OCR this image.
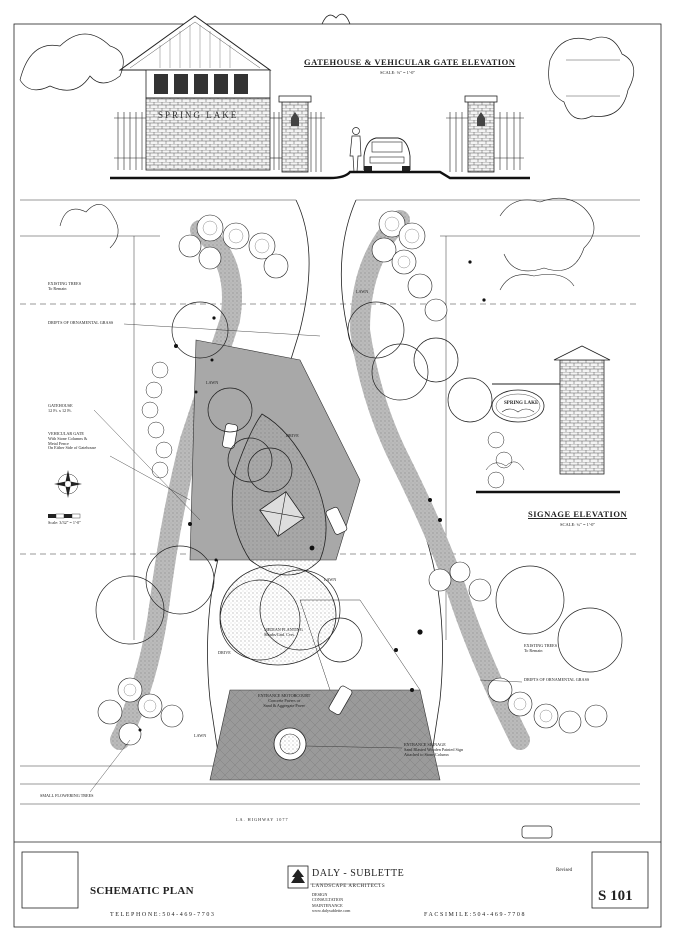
GATEHOUSE & VEHICULAR GATE ELEVATION
SCALE: ⅛" = 1'-0"
SPRING LAKE
SIGNAGE ELEVATION
SCALE: ¾" = 1'-0"
SPRING LAKE
EXISTING TREES
To Remain
DRIFTS OF ORNAMENTAL GRASS
GATEHOUSE
12 Ft. x 12 Ft.
VEHICULAR GATE
With Stone Columns &
Metal Fence
On Either Side of Gatehouse
Scale: 3/32" = 1'-0"
EXISTING TREES
To Remain
DRIFTS OF ORNAMENTAL GRASS
ENTRANCE SIGNAGE
Sand Blasted Wooden Painted Sign
Attached to Stone Column
SMALL FLOWERING TREES
ENTRANCE MOTORCOURT
Concrete Pavers or
Sand & Aggregate Paver
MEDIAN PLANTING
Shrubs/Gnd. Cvrs.
LAWN
LAWN
LAWN
LAWN
DRIVE
DRIVE
LA. HIGHWAY 1077
SCHEMATIC PLAN
DALY - SUBLETTE
LANDSCAPE ARCHITECTS
DESIGN
CONSULTATION
MAINTENANCE
www.dalysublette.com
TELEPHONE:504-469-7703	FACSIMILE:504-469-7708
Revised
S 101
